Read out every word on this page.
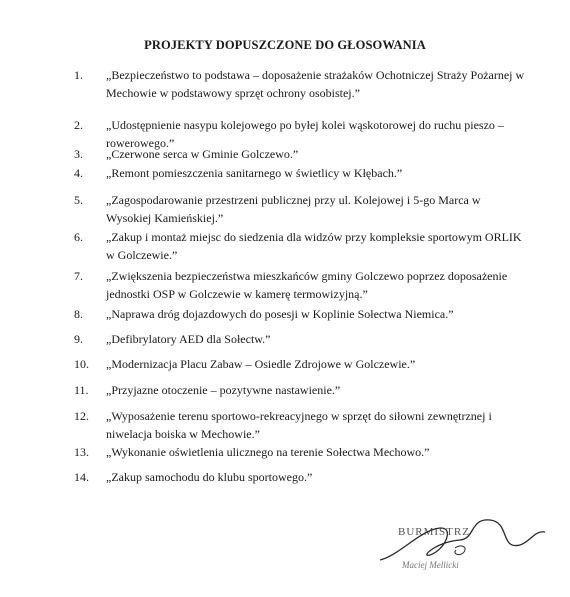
PROJEKTY DOPUSZCZONE DO GŁOSOWANIA
1.	„Bezpieczeństwo to podstawa – doposażenie strażaków Ochotniczej Straży Pożarnej w Mechowie w podstawowy sprzęt ochrony osobistej.”
2.	„Udostępnienie nasypu kolejowego po byłej kolei wąskotorowej do ruchu pieszo – rowerowego.”
3.	„Czerwone serca w Gminie Golczewo.”
4.	„Remont pomieszczenia sanitarnego w świetlicy w Kłębach.”
5.	„Zagospodarowanie przestrzeni publicznej przy ul. Kolejowej i 5-go Marca w Wysokiej Kamieńskiej.”
6.	„Zakup i montaż miejsc do siedzenia dla widzów przy kompleksie sportowym ORLIK w Golczewie.”
7.	„Zwiększenia bezpieczeństwa mieszkańców gminy Golczewo poprzez doposażenie jednostki OSP w Golczewie w kamerę termowizyjną.”
8.	„Naprawa dróg dojazdowych do posesji w Koplinie Sołectwa Niemica.”
9.	„Defibrylatory AED dla Sołectw.”
10.	„Modernizacja Placu Zabaw – Osiedle Zdrojowe w Golczewie.”
11.	„Przyjazne otoczenie – pozytywne nastawienie.”
12.	„Wyposażenie terenu sportowo-rekreacyjnego w sprzęt do siłowni zewnętrznej i niwelacja boiska w Mechowie.”
13.	„Wykonanie oświetlenia ulicznego na terenie Sołectwa Mechowo.”
14.	„Zakup samochodu do klubu sportowego.”
BURMISTRZ
Maciej Mellicki
